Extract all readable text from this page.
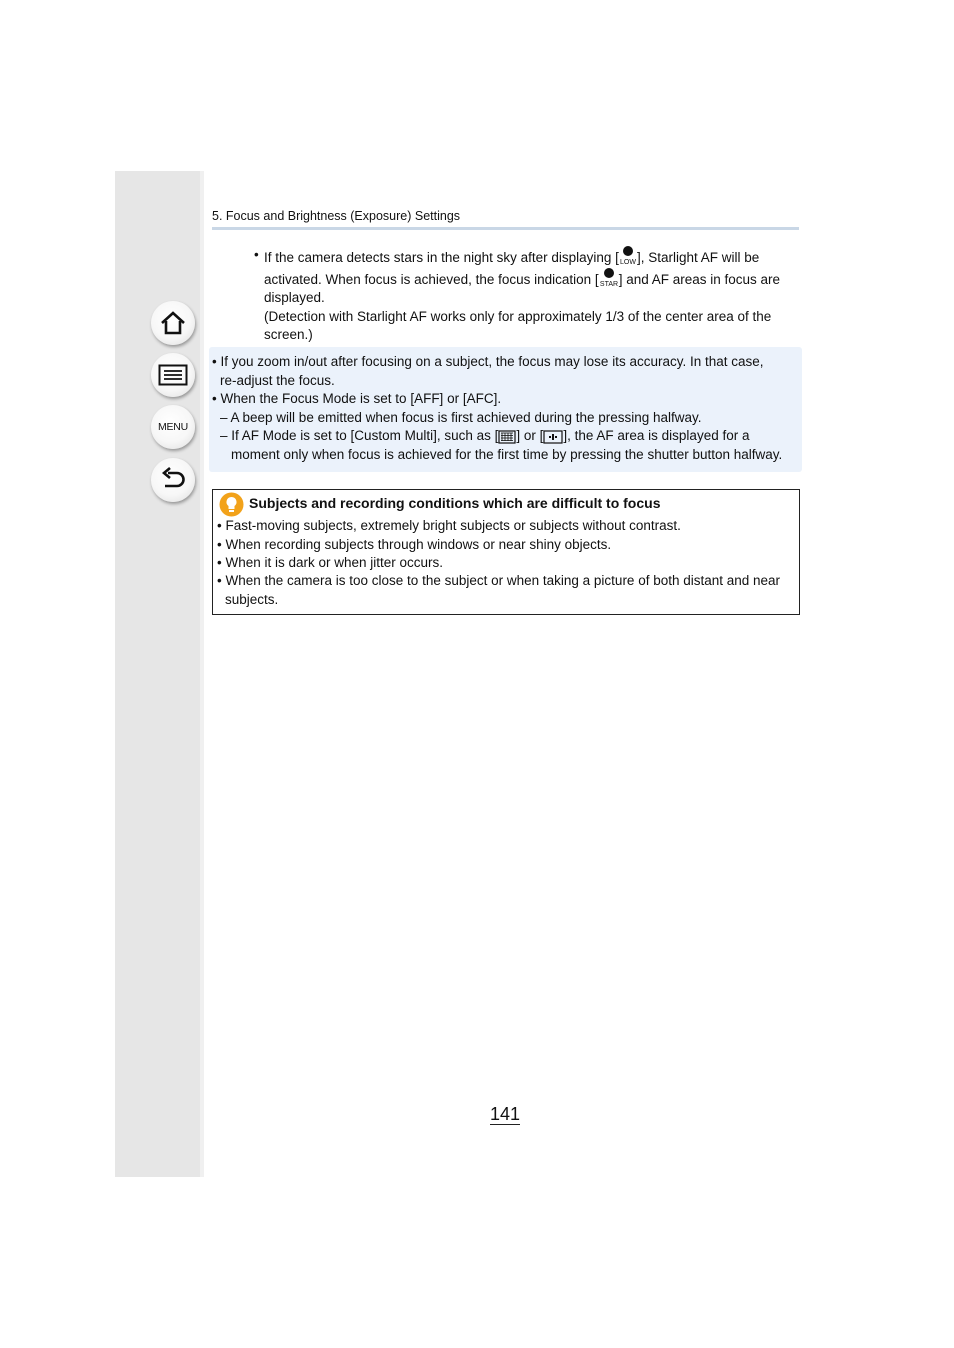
MENU
5. Focus and Brightness (Exposure) Settings
• If the camera detects stars in the night sky after displaying [ LOW ], Starlight AF will be
activated. When focus is achieved, the focus indication [ STAR ] and AF areas in focus are
displayed.
(Detection with Starlight AF works only for approximately 1/3 of the center area of the
screen.)
• If you zoom in/out after focusing on a subject, the focus may lose its accuracy. In that case,
re-adjust the focus.
• When the Focus Mode is set to [AFF] or [AFC].
– A beep will be emitted when focus is first achieved during the pressing halfway.
– If AF Mode is set to [Custom Multi], such as [ ] or [ ], the AF area is displayed for a
moment only when focus is achieved for the first time by pressing the shutter button halfway.
Subjects and recording conditions which are difficult to focus
• Fast-moving subjects, extremely bright subjects or subjects without contrast.
• When recording subjects through windows or near shiny objects.
• When it is dark or when jitter occurs.
• When the camera is too close to the subject or when taking a picture of both distant and near
subjects.
141
